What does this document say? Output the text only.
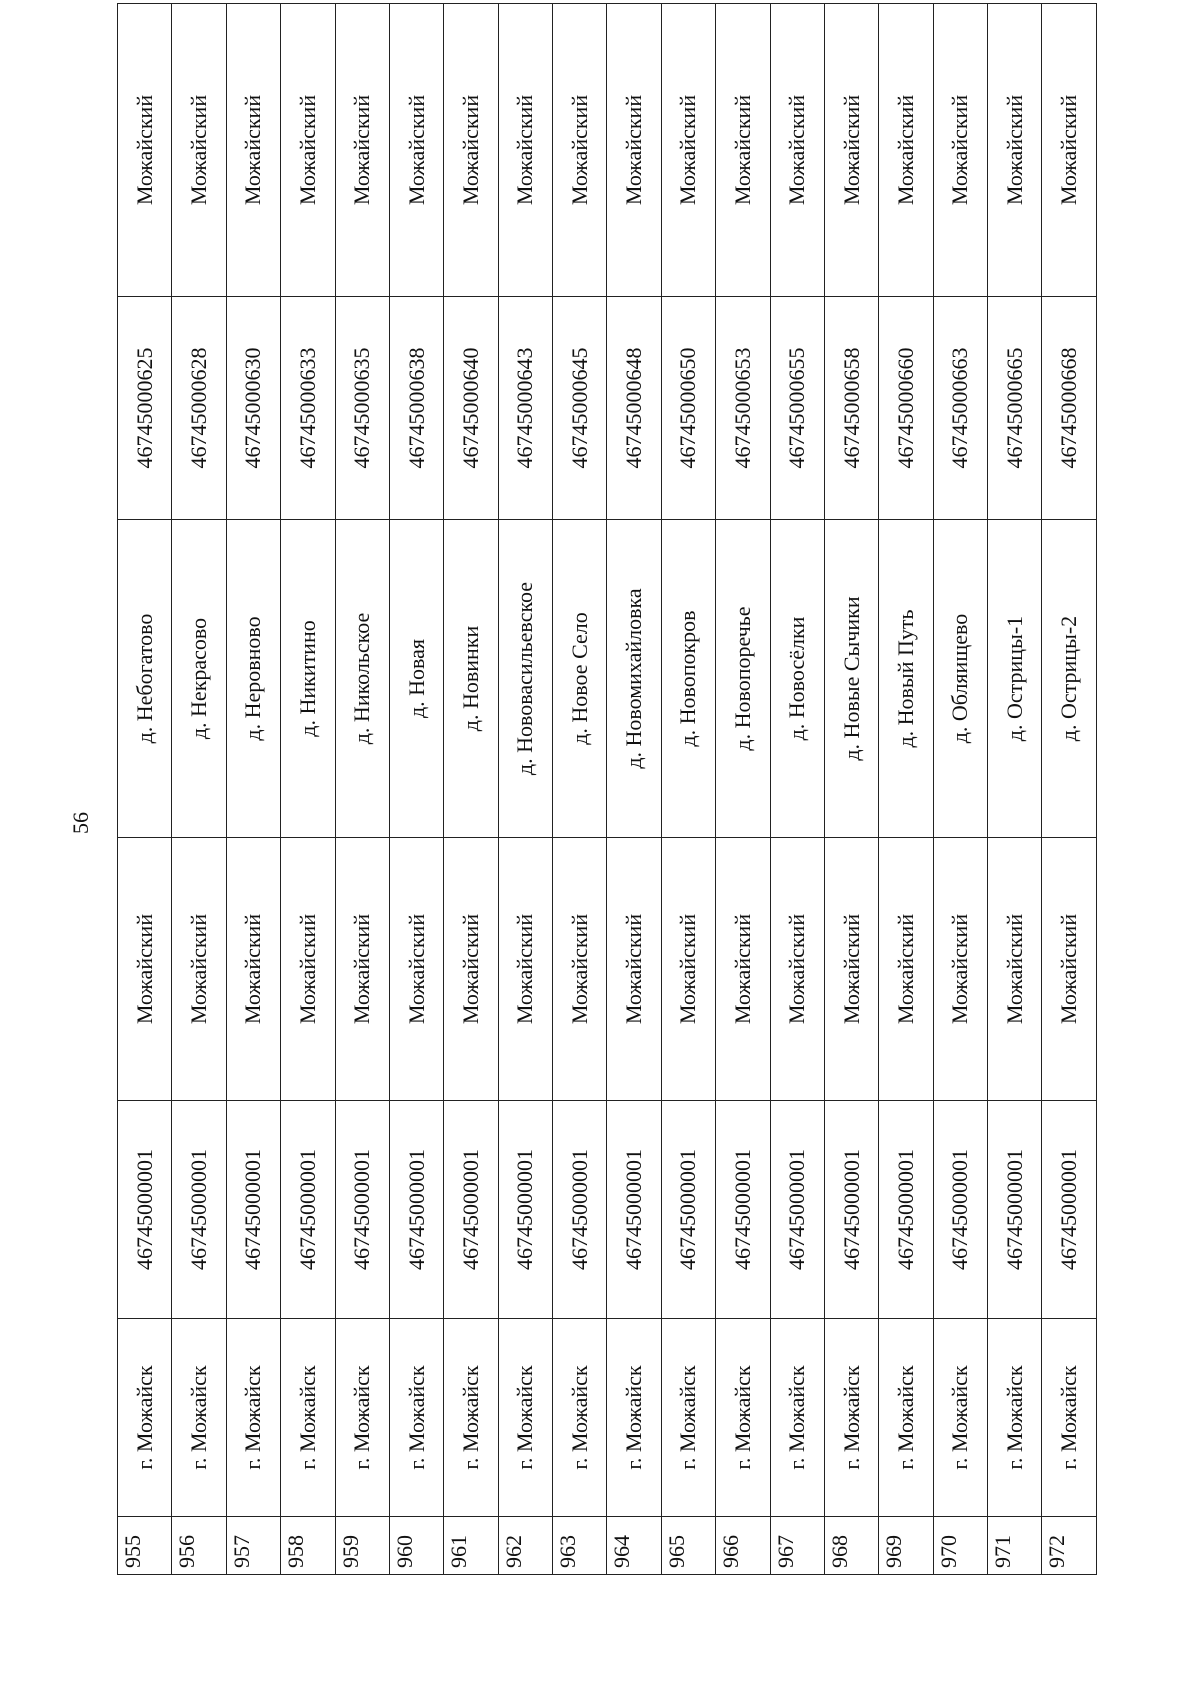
56
955	г. Можайск	46745000001	Можайский	д. Небогатово	46745000625	Можайский
956	г. Можайск	46745000001	Можайский	д. Некрасово	46745000628	Можайский
957	г. Можайск	46745000001	Можайский	д. Неровново	46745000630	Можайский
958	г. Можайск	46745000001	Можайский	д. Никитино	46745000633	Можайский
959	г. Можайск	46745000001	Можайский	д. Никольское	46745000635	Можайский
960	г. Можайск	46745000001	Можайский	д. Новая	46745000638	Можайский
961	г. Можайск	46745000001	Можайский	д. Новинки	46745000640	Можайский
962	г. Можайск	46745000001	Можайский	д. Нововасильевское	46745000643	Можайский
963	г. Можайск	46745000001	Можайский	д. Новое Село	46745000645	Можайский
964	г. Можайск	46745000001	Можайский	д. Новомихайловка	46745000648	Можайский
965	г. Можайск	46745000001	Можайский	д. Новопокров	46745000650	Можайский
966	г. Можайск	46745000001	Можайский	д. Новопоречье	46745000653	Можайский
967	г. Можайск	46745000001	Можайский	д. Новосёлки	46745000655	Можайский
968	г. Можайск	46745000001	Можайский	д. Новые Сычики	46745000658	Можайский
969	г. Можайск	46745000001	Можайский	д. Новый Путь	46745000660	Можайский
970	г. Можайск	46745000001	Можайский	д. Обляищево	46745000663	Можайский
971	г. Можайск	46745000001	Можайский	д. Острицы-1	46745000665	Можайский
972	г. Можайск	46745000001	Можайский	д. Острицы-2	46745000668	Можайский
